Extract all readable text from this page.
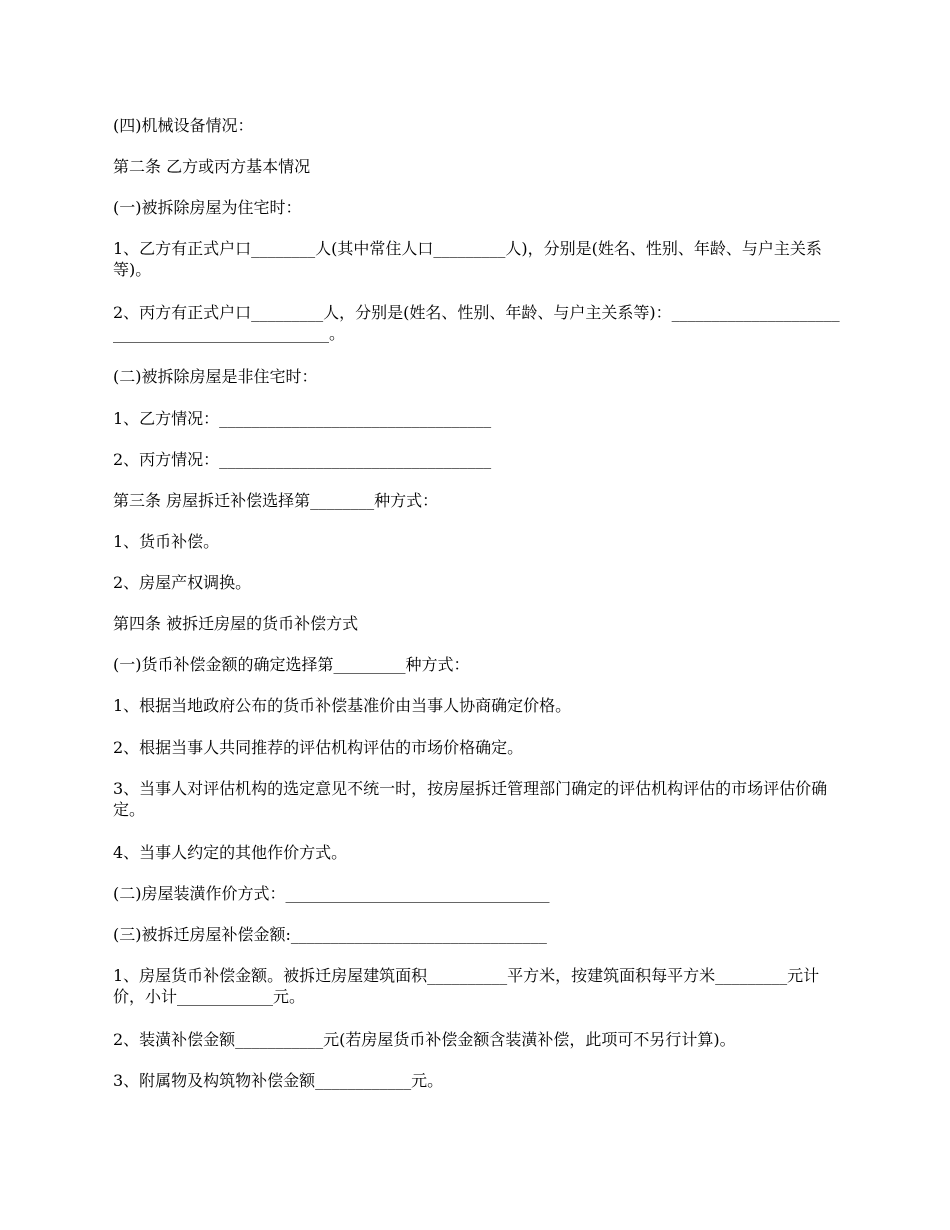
(四)机械设备情况：

第二条 乙方或丙方基本情况

(一)被拆除房屋为住宅时：

1、乙方有正式户口________人(其中常住人口_________人)，分别是(姓名、性别、年龄、与户主关系等)。

2、丙方有正式户口_________人，分别是(姓名、性别、年龄、与户主关系等)：________________________________________________。

(二)被拆除房屋是非住宅时：

1、乙方情况：__________________________________

2、丙方情况：__________________________________

第三条 房屋拆迁补偿选择第________种方式：

1、货币补偿。

2、房屋产权调换。

第四条 被拆迁房屋的货币补偿方式

(一)货币补偿金额的确定选择第_________种方式：

1、根据当地政府公布的货币补偿基准价由当事人协商确定价格。

2、根据当事人共同推荐的评估机构评估的市场价格确定。

3、当事人对评估机构的选定意见不统一时，按房屋拆迁管理部门确定的评估机构评估的市场评估价确定。

4、当事人约定的其他作价方式。

(二)房屋装潢作价方式：_________________________________

(三)被拆迁房屋补偿金额:________________________________

1、房屋货币补偿金额。被拆迁房屋建筑面积__________平方米，按建筑面积每平方米_________元计价，小计____________元。

2、装潢补偿金额___________元(若房屋货币补偿金额含装潢补偿，此项可不另行计算)。

3、附属物及构筑物补偿金额____________元。
